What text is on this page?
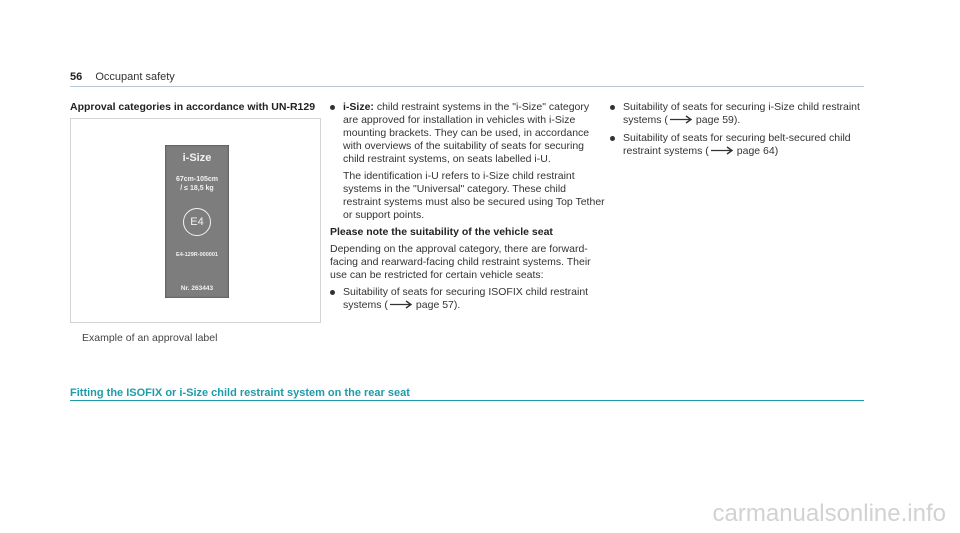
56 Occupant safety
Approval categories in accordance with UN-R129
i-Size
67cm-105cm
/ ≤ 18,5 kg
E4
E4-129R-000001
Nr. 263443
Example of an approval label
i-Size: child restraint systems in the "i-Size" category are approved for installation in vehicles with i-Size mounting brackets. They can be used, in accordance with overviews of the suitability of seats for securing child restraint systems, on seats labelled i-U.
The identification i-U refers to i-Size child restraint systems in the "Universal" category. These child restraint systems must also be secured using Top Tether or support points.
Please note the suitability of the vehicle seat
Depending on the approval category, there are forward-facing and rearward-facing child restraint systems. Their use can be restricted for certain vehicle seats:
Suitability of seats for securing ISOFIX child restraint systems (	page 57).
Suitability of seats for securing i-Size child restraint systems (	page 59).
Suitability of seats for securing belt-secured child restraint systems (	page 64)
Fitting the ISOFIX or i-Size child restraint system on the rear seat
carmanualsonline.info
